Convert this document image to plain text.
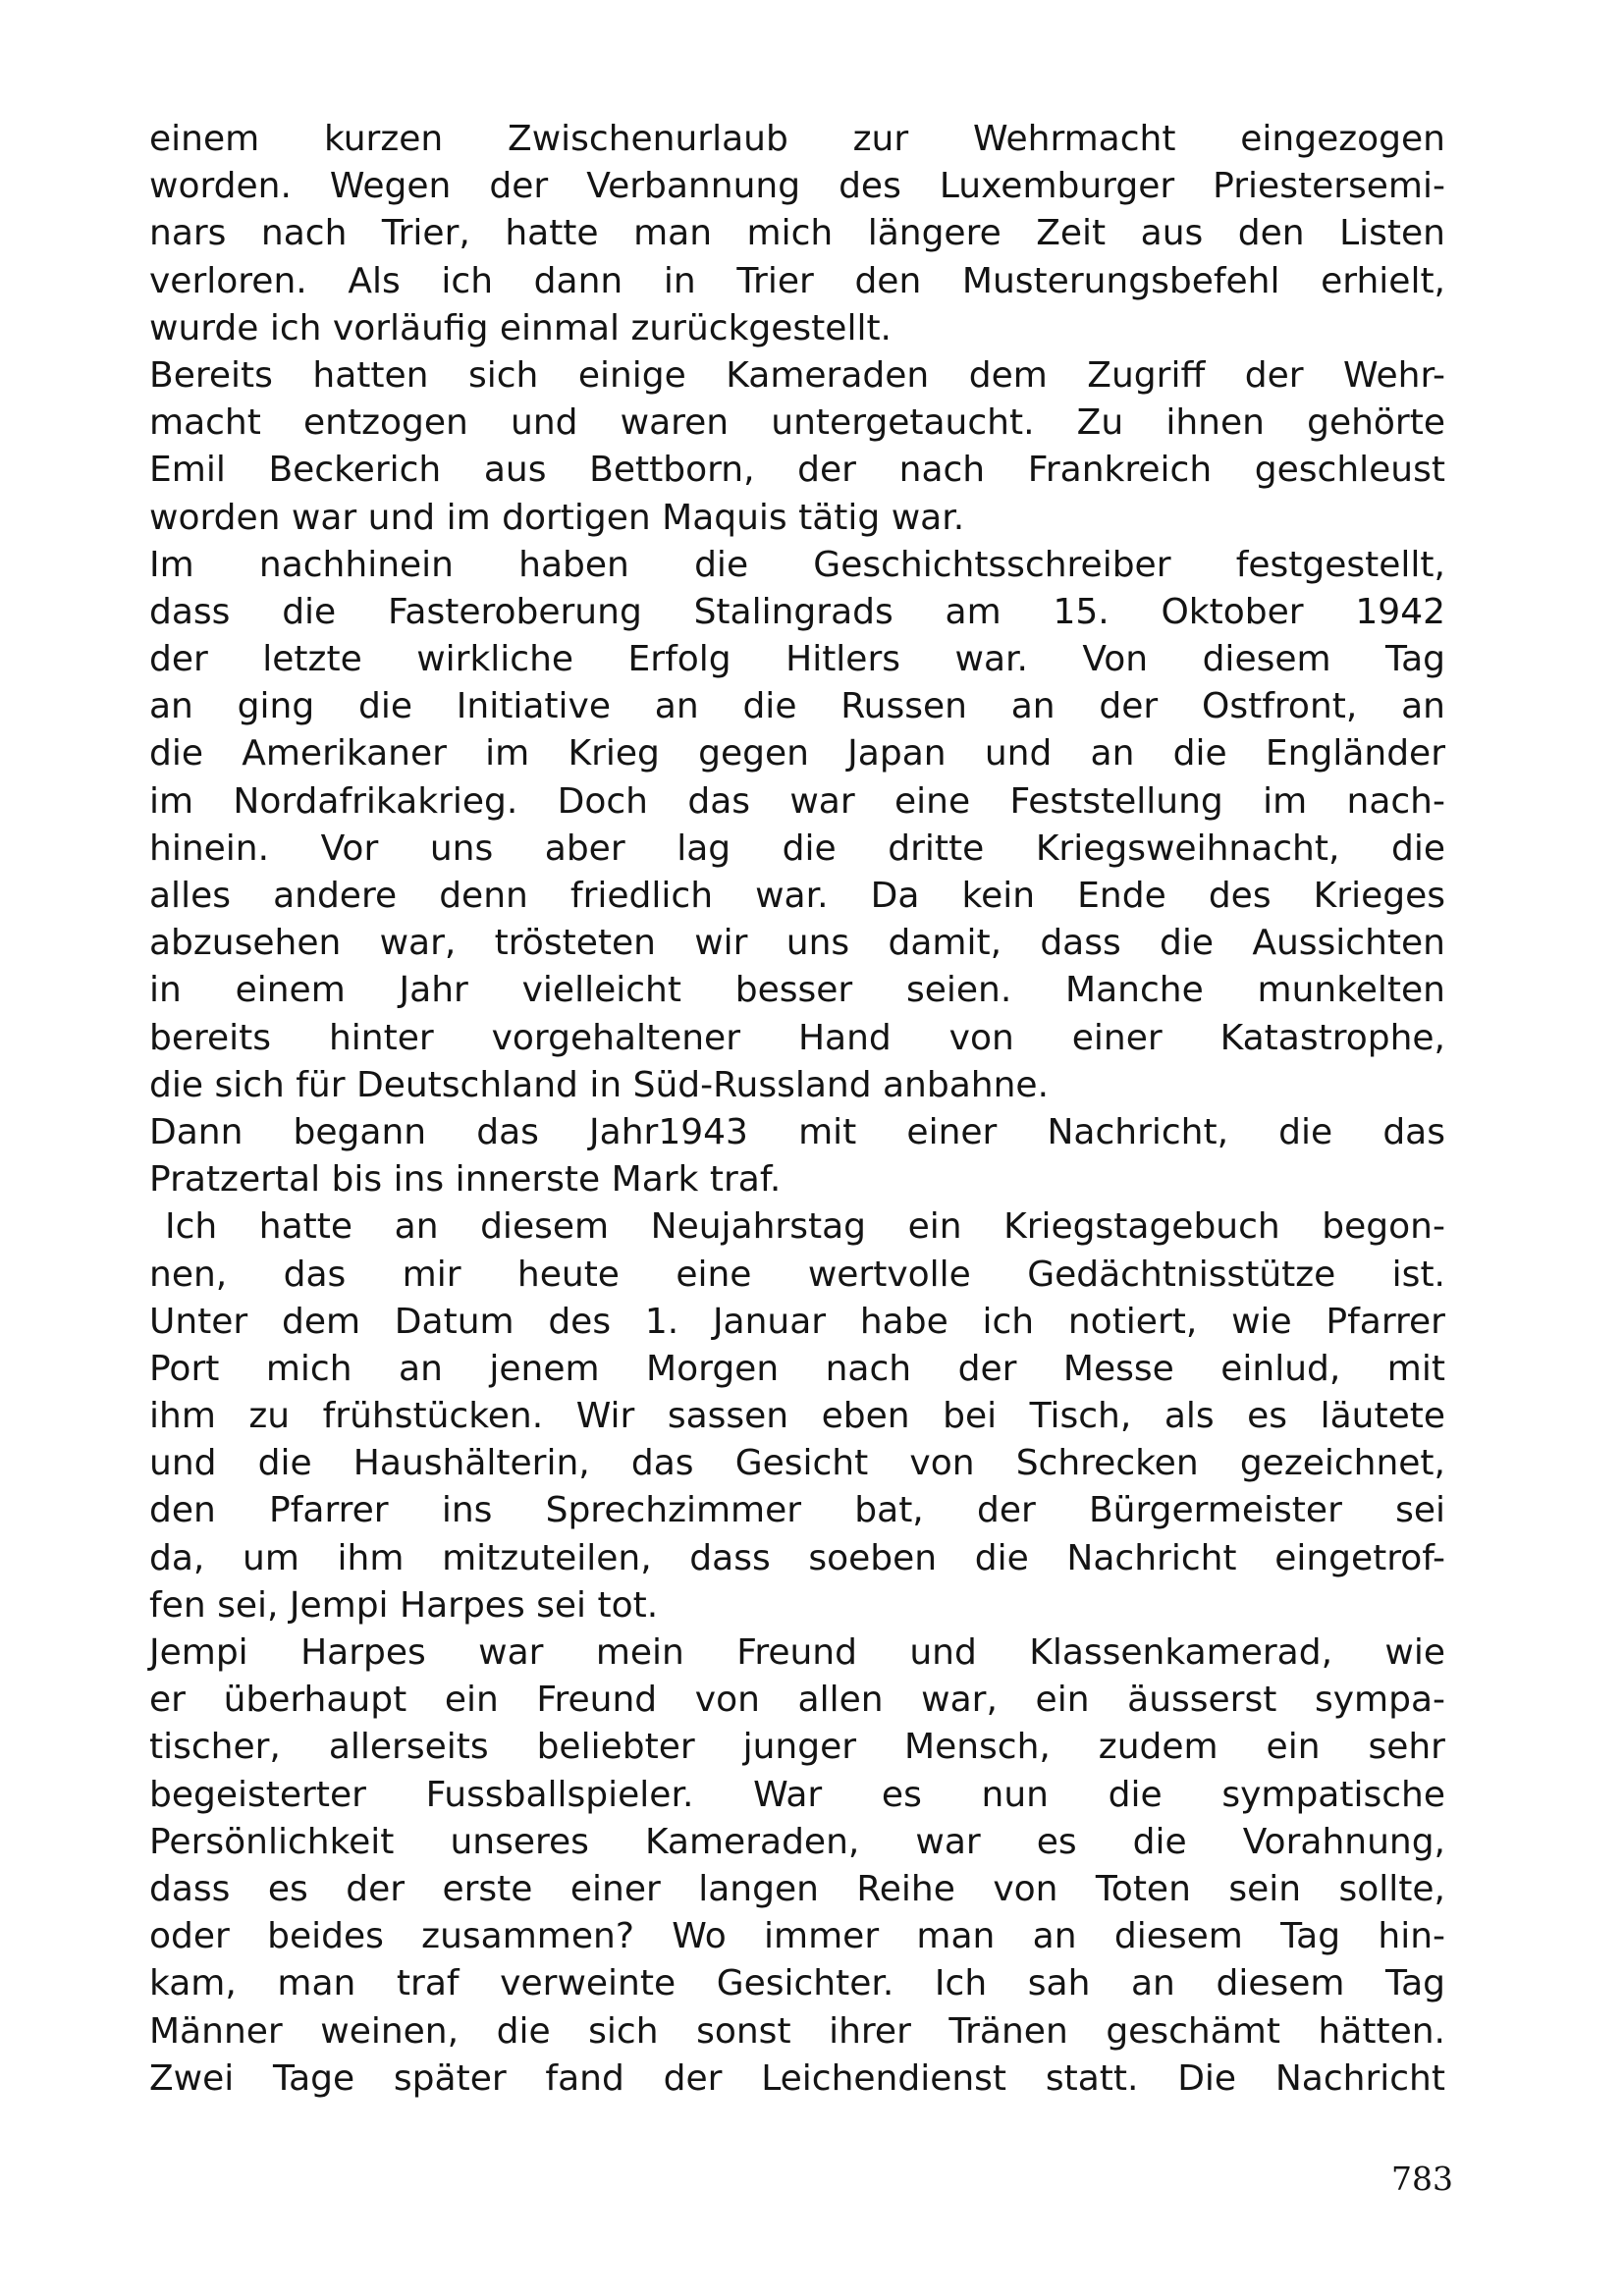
einem kurzen Zwischenurlaub zur Wehrmacht eingezogen
worden. Wegen der Verbannung des Luxemburger Priestersemi-
nars nach Trier, hatte man mich längere Zeit aus den Listen
verloren. Als ich dann in Trier den Musterungsbefehl erhielt,
wurde ich vorläufig einmal zurückgestellt.
Bereits hatten sich einige Kameraden dem Zugriff der Wehr-
macht entzogen und waren untergetaucht. Zu ihnen gehörte
Emil Beckerich aus Bettborn, der nach Frankreich geschleust
worden war und im dortigen Maquis tätig war.
Im nachhinein haben die Geschichtsschreiber festgestellt,
dass die Fasteroberung Stalingrads am 15. Oktober 1942
der letzte wirkliche Erfolg Hitlers war. Von diesem Tag
an ging die Initiative an die Russen an der Ostfront, an
die Amerikaner im Krieg gegen Japan und an die Engländer
im Nordafrikakrieg. Doch das war eine Feststellung im nach-
hinein. Vor uns aber lag die dritte Kriegsweihnacht, die
alles andere denn friedlich war. Da kein Ende des Krieges
abzusehen war, trösteten wir uns damit, dass die Aussichten
in einem Jahr vielleicht besser seien. Manche munkelten
bereits hinter vorgehaltener Hand von einer Katastrophe,
die sich für Deutschland in Süd-Russland anbahne.
Dann begann das Jahr1943 mit einer Nachricht, die das
Pratzertal bis ins innerste Mark traf.
Ich hatte an diesem Neujahrstag ein Kriegstagebuch begon-
nen, das mir heute eine wertvolle Gedächtnisstütze ist.
Unter dem Datum des 1. Januar habe ich notiert, wie Pfarrer
Port mich an jenem Morgen nach der Messe einlud, mit
ihm zu frühstücken. Wir sassen eben bei Tisch, als es läutete
und die Haushälterin, das Gesicht von Schrecken gezeichnet,
den Pfarrer ins Sprechzimmer bat, der Bürgermeister sei
da, um ihm mitzuteilen, dass soeben die Nachricht eingetrof-
fen sei, Jempi Harpes sei tot.
Jempi Harpes war mein Freund und Klassenkamerad, wie
er überhaupt ein Freund von allen war, ein äusserst sympa-
tischer, allerseits beliebter junger Mensch, zudem ein sehr
begeisterter Fussballspieler. War es nun die sympatische
Persönlichkeit unseres Kameraden, war es die Vorahnung,
dass es der erste einer langen Reihe von Toten sein sollte,
oder beides zusammen? Wo immer man an diesem Tag hin-
kam, man traf verweinte Gesichter. Ich sah an diesem Tag
Männer weinen, die sich sonst ihrer Tränen geschämt hätten.
Zwei Tage später fand der Leichendienst statt. Die Nachricht
783
